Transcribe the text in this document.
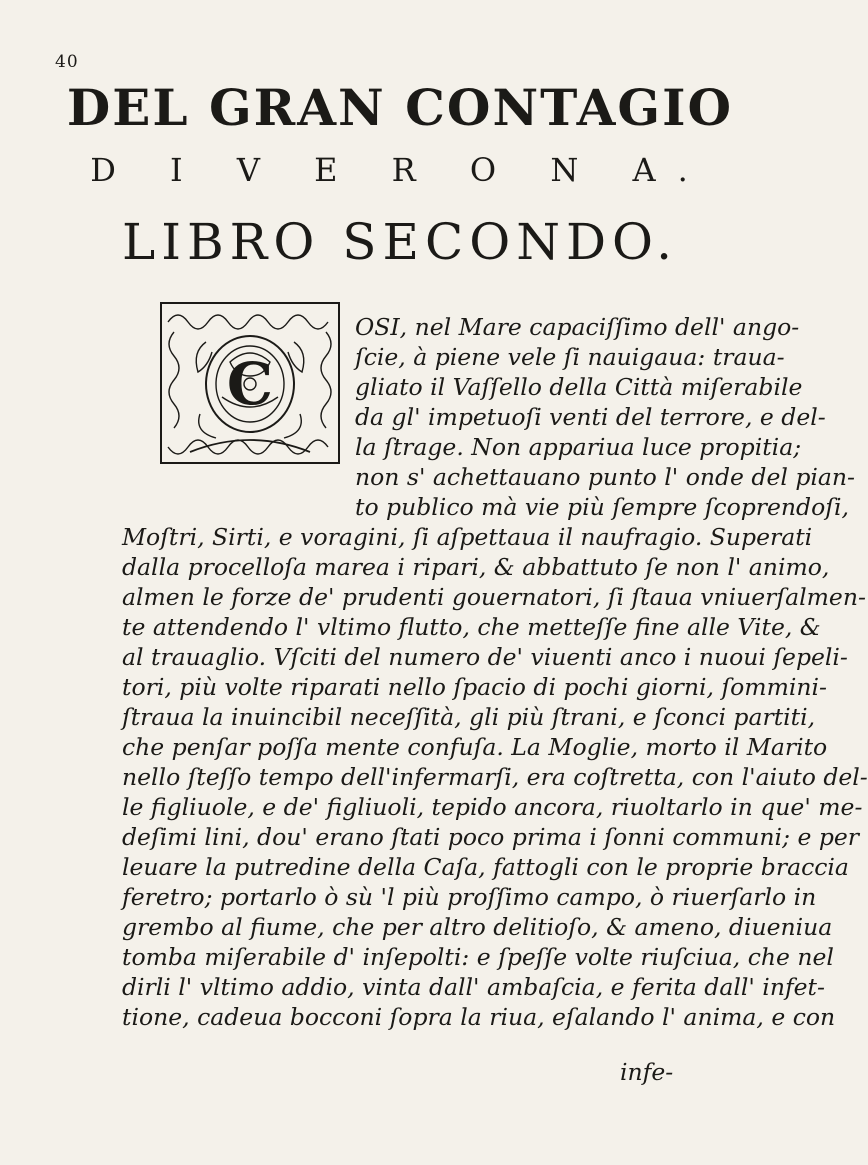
40
DEL GRAN CONTAGIO
D I V E R O N A.
LIBRO SECONDO.
C
OSI, nel Mare capaciſſimo dell' ango-
ſcie, à piene vele ſi nauigaua: traua-
gliato il Vaſſello della Città miſerabile
da gl' impetuoſi venti del terrore, e del-
la ſtrage. Non appariua luce propitia;
non s' achettauano punto l' onde del pian-
to publico mà vie più ſempre ſcoprendoſi,
Moſtri, Sirti, e voragini, ſi aſpettaua il naufragio. Superati
dalla procelloſa marea i ripari, & abbattuto ſe non l' animo,
almen le forze de' prudenti gouernatori, ſi ſtaua vniuerſalmen-
te attendendo l' vltimo flutto, che metteſſe fine alle Vite, &
al trauaglio. Vſciti del numero de' viuenti anco i nuoui ſepeli-
tori, più volte riparati nello ſpacio di pochi giorni, ſommini-
ſtraua la inuincibil neceſſità, gli più ſtrani, e ſconci partiti,
che penſar poſſa mente confuſa. La Moglie, morto il Marito
nello ſteſſo tempo dell'infermarſi, era coſtretta, con l'aiuto del-
le figliuole, e de' figliuoli, tepido ancora, riuoltarlo in que' me-
deſimi lini, dou' erano ſtati poco prima i ſonni communi; e per
leuare la putredine della Caſa, fattogli con le proprie braccia
feretro; portarlo ò sù 'l più proſſimo campo, ò riuerſarlo in
grembo al fiume, che per altro delitioſo, & ameno, diueniua
tomba miſerabile d' inſepolti: e ſpeſſe volte riuſciua, che nel
dirli l' vltimo addio, vinta dall' ambaſcia, e ferita dall' infet-
tione, cadeua bocconi ſopra la riua, eſalando l' anima, e con
infe-
